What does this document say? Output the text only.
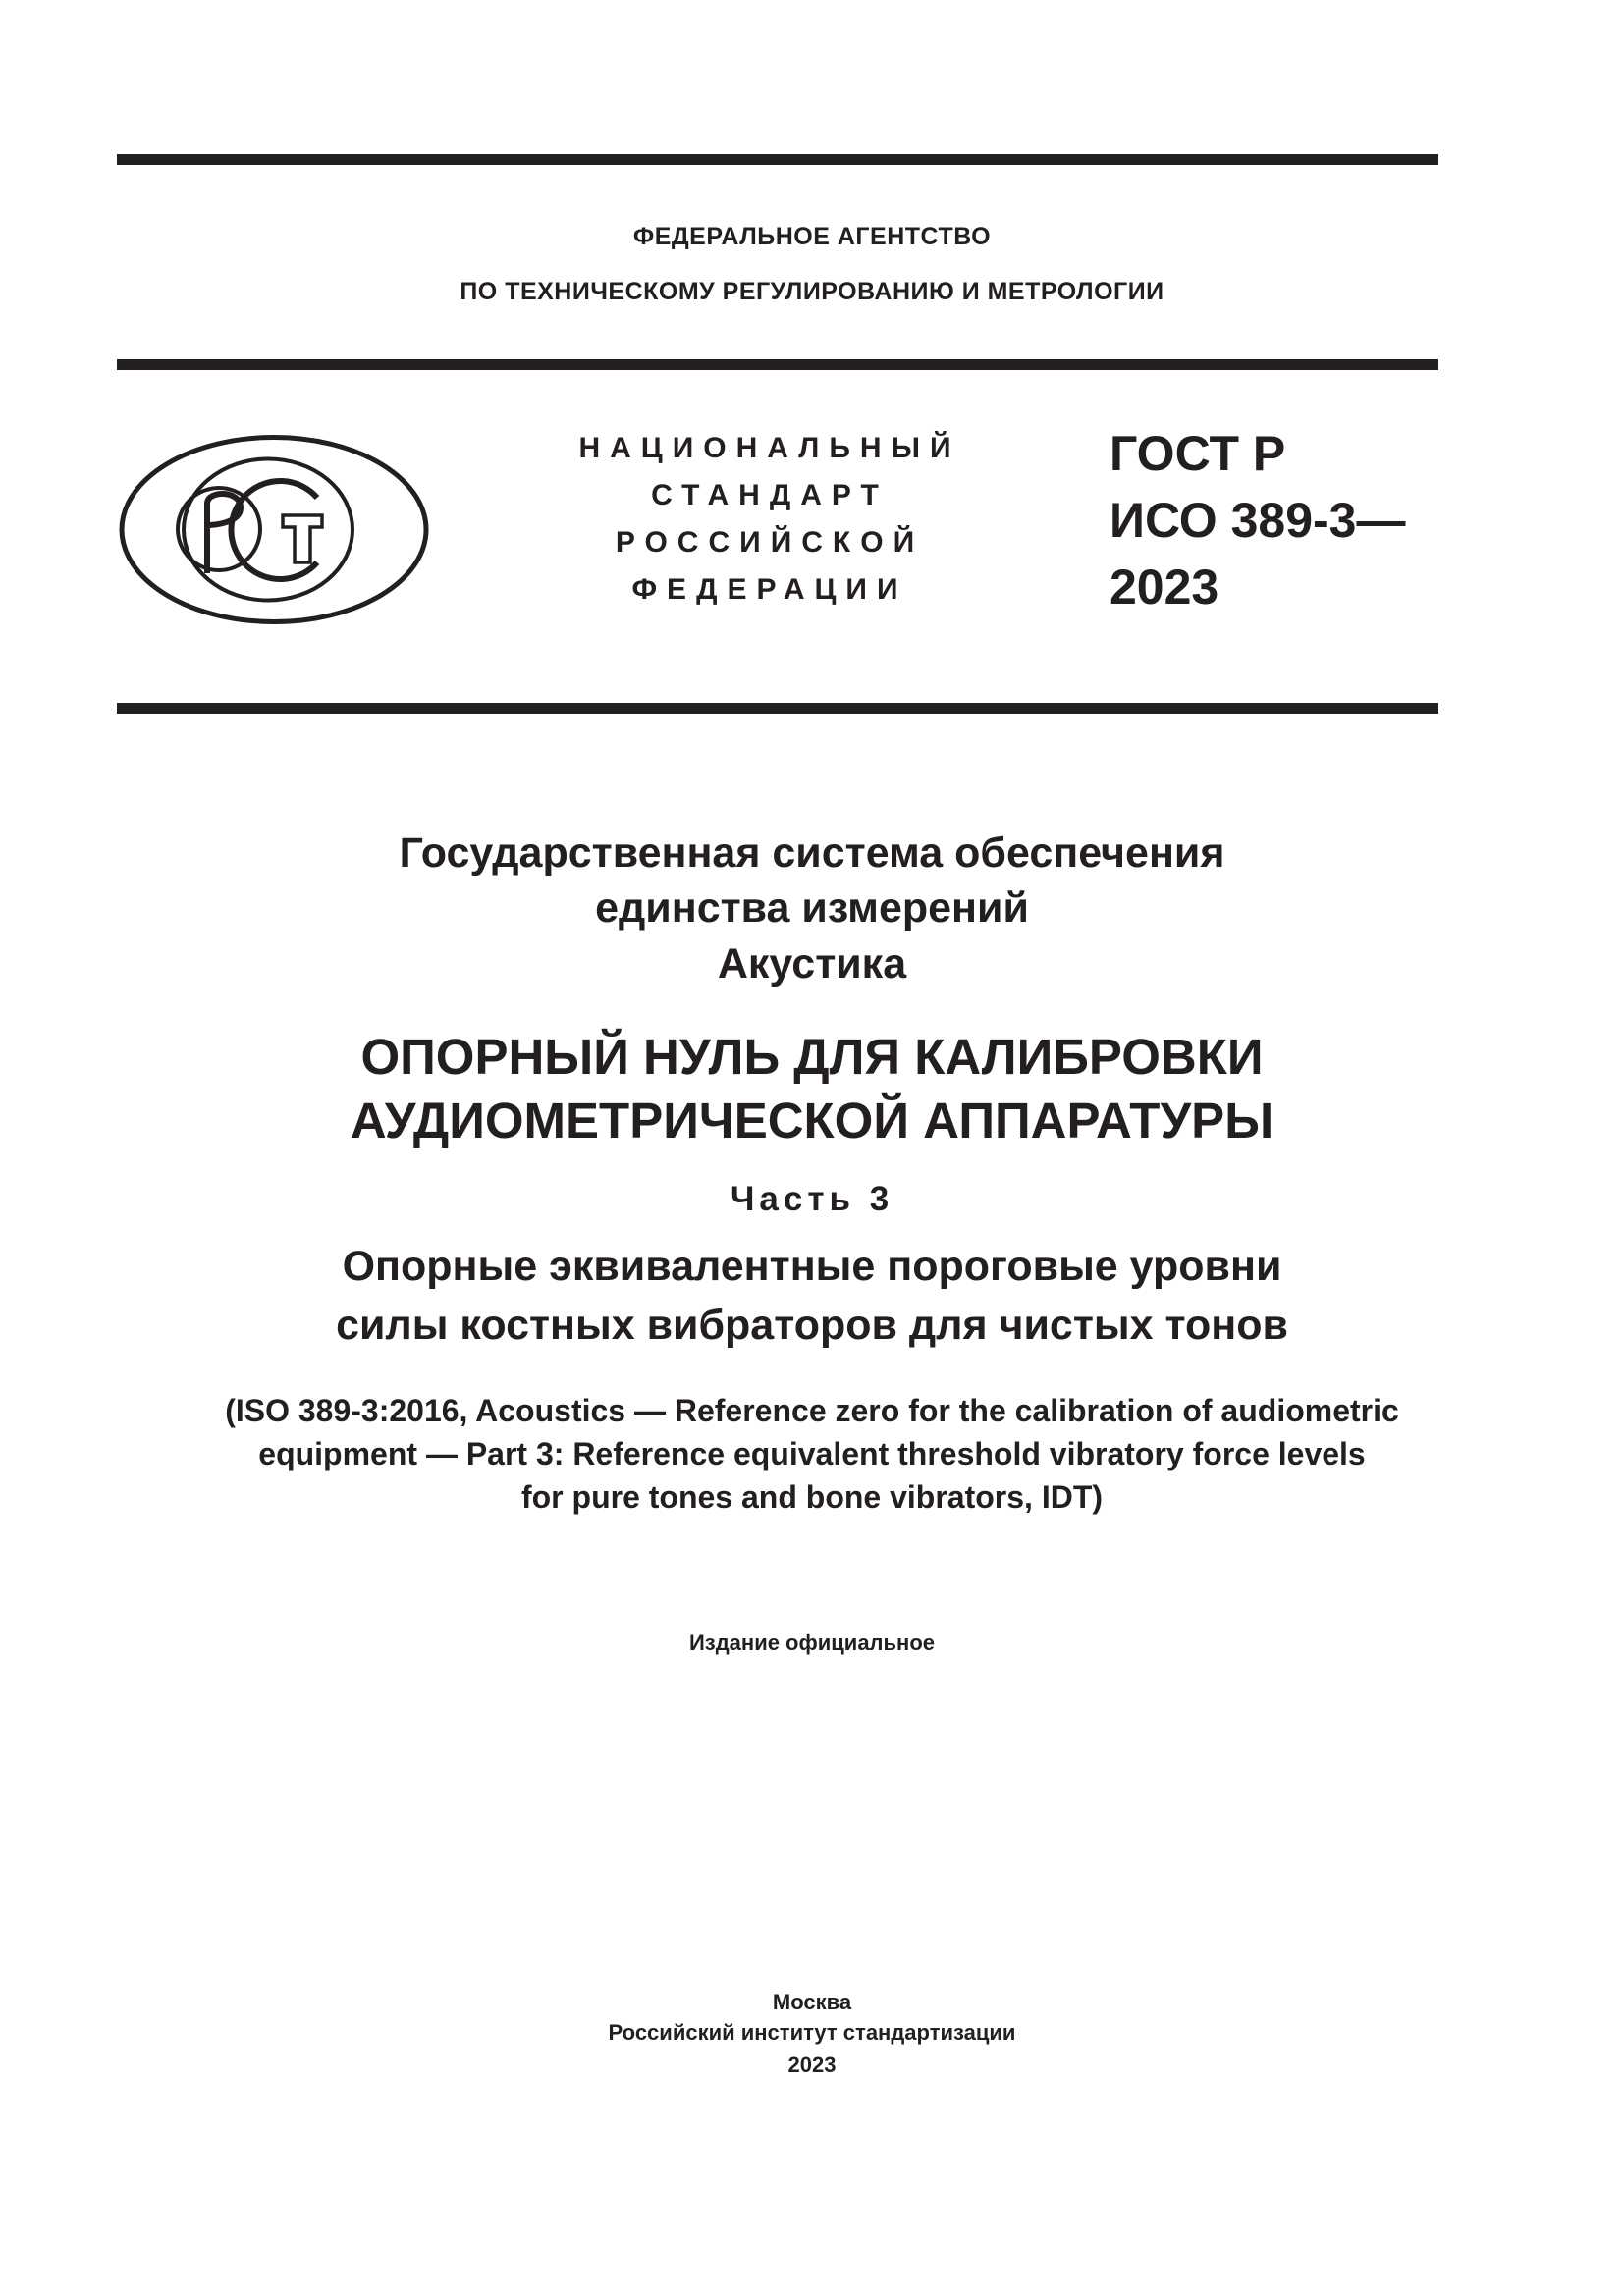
ФЕДЕРАЛЬНОЕ АГЕНТСТВО
ПО ТЕХНИЧЕСКОМУ РЕГУЛИРОВАНИЮ И МЕТРОЛОГИИ
НАЦИОНАЛЬНЫЙ
СТАНДАРТ
РОССИЙСКОЙ
ФЕДЕРАЦИИ
ГОСТ Р
ИСО 389-3—
2023
Государственная система обеспечения
единства измерений
Акустика
ОПОРНЫЙ НУЛЬ ДЛЯ КАЛИБРОВКИ
АУДИОМЕТРИЧЕСКОЙ АППАРАТУРЫ
Часть 3
Опорные эквивалентные пороговые уровни
силы костных вибраторов для чистых тонов
(ISO 389-3:2016, Acoustics — Reference zero for the calibration of audiometric
equipment — Part 3: Reference equivalent threshold vibratory force levels
for pure tones and bone vibrators, IDT)
Издание официальное
Москва
Российский институт стандартизации
2023
